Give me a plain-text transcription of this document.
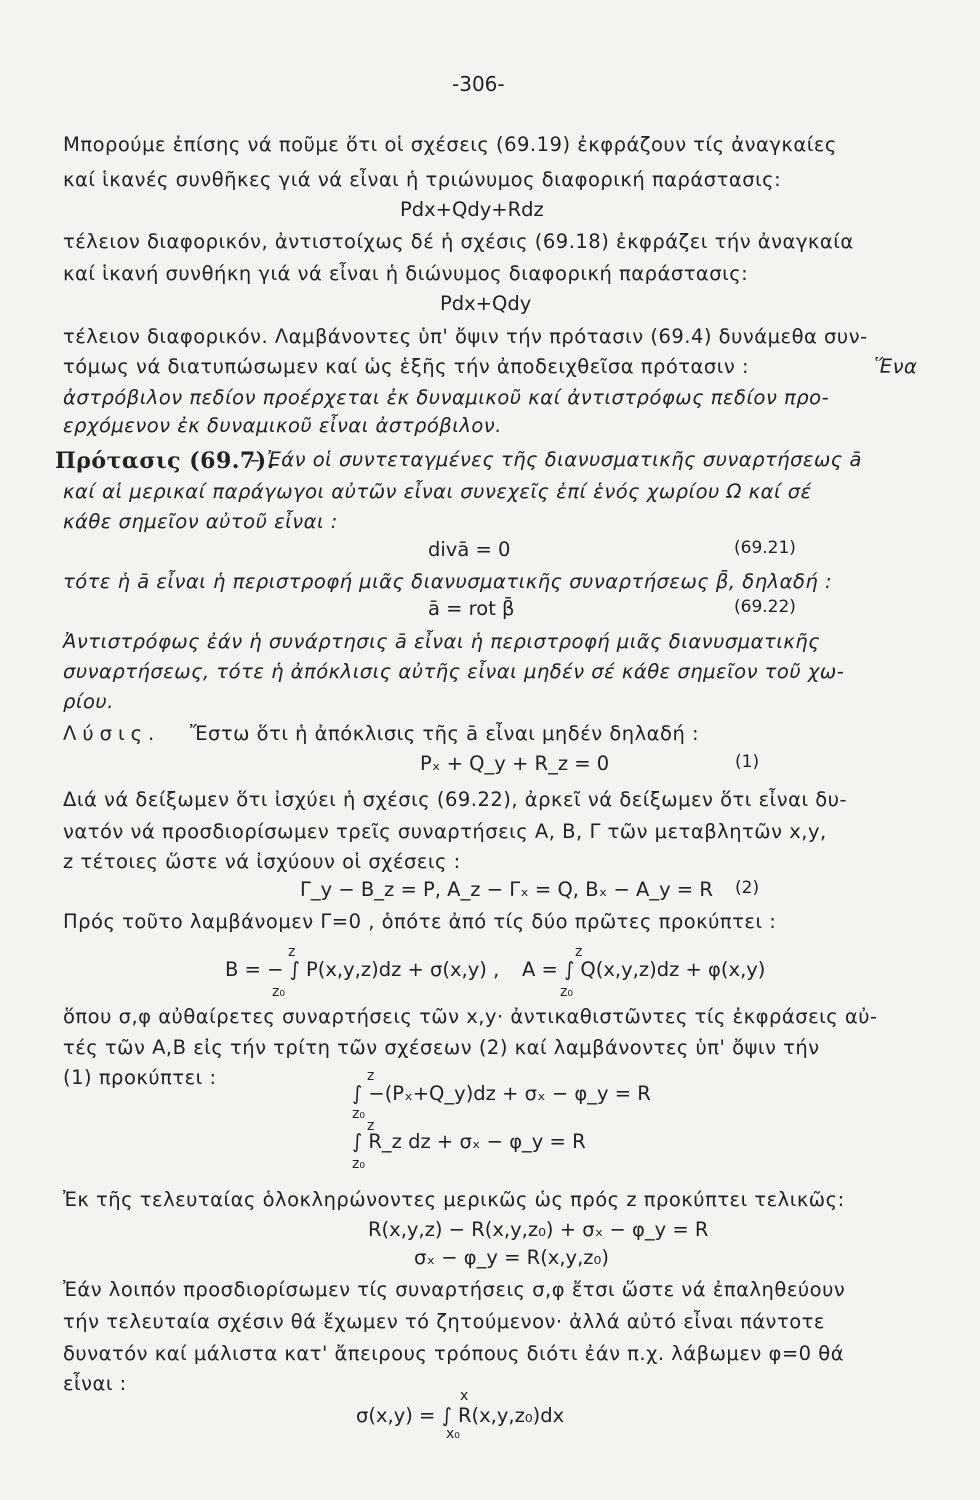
-306-
Μπορούμε ἐπίσης νά ποῦμε ὅτι οἱ σχέσεις (69.19) ἐκφράζουν τίς ἀναγκαίες
καί ἱκανές συνθῆκες γιά νά εἶναι ἡ τριώνυμος διαφορική παράστασις:
Pdx+Qdy+Rdz
τέλειον διαφορικόν, ἀντιστοίχως δέ ἡ σχέσις (69.18) ἐκφράζει τήν ἀναγκαία
καί ἱκανή συνθήκη γιά νά εἶναι ἡ διώνυμος διαφορική παράστασις:
Pdx+Qdy
τέλειον διαφορικόν. Λαμβάνοντες ὑπ' ὄψιν τήν πρότασιν (69.4) δυνάμεθα συν-
τόμως νά διατυπώσωμεν καί ὡς ἑξῆς τήν ἀποδειχθεῖσα πρότασιν :	Ἕνα
ἀστρόβιλον πεδίον προέρχεται ἐκ δυναμικοῦ καί ἀντιστρόφως πεδίον προ-
ερχόμενον ἐκ δυναμικοῦ εἶναι ἀστρόβιλον.
Πρότασις (69.7).
– Ἐάν οἱ συντεταγμένες τῆς διανυσματικῆς συναρτήσεως ā
καί αἱ μερικαί παράγωγοι αὐτῶν εἶναι συνεχεῖς ἐπί ἑνός χωρίου Ω καί σέ
κάθε σημεῖον αὐτοῦ εἶναι :
divā = 0	(69.21)
τότε ἡ ā εἶναι ἡ περιστροφή μιᾶς διανυσματικῆς συναρτήσεως β̄, δηλαδή :
ā = rot β̄	(69.22)
Ἀντιστρόφως ἐάν ἡ συνάρτησις ā εἶναι ἡ περιστροφή μιᾶς διανυσματικῆς
συναρτήσεως, τότε ἡ ἀπόκλισις αὐτῆς εἶναι μηδέν σέ κάθε σημεῖον τοῦ χω-
ρίου.
Λύσις. Ἔστω ὅτι ἡ ἀπόκλισις τῆς ā εἶναι μηδέν δηλαδή :
Pₓ + Q_y + R_z = 0	(1)
Διά νά δείξωμεν ὅτι ἰσχύει ἡ σχέσις (69.22), ἀρκεῖ νά δείξωμεν ὅτι εἶναι δυ-
νατόν νά προσδιορίσωμεν τρεῖς συναρτήσεις Α, Β, Γ τῶν μεταβλητῶν x,y,
z τέτοιες ὥστε νά ἰσχύουν οἱ σχέσεις :
Γ_y − B_z = P, A_z − Γₓ = Q, Bₓ − A_y = R (2)
Πρός τοῦτο λαμβάνομεν Γ=0 , ὁπότε ἀπό τίς δύο πρῶτες προκύπτει :
z
z₀
B = − ∫ P(x,y,z)dz + σ(x,y) ,
z
z₀
A = ∫ Q(x,y,z)dz + φ(x,y)
ὅπου σ,φ αὐθαίρετες συναρτήσεις τῶν x,y· ἀντικαθιστῶντες τίς ἐκφράσεις αὐ-
τές τῶν Α,Β εἰς τήν τρίτη τῶν σχέσεων (2) καί λαμβάνοντες ὑπ' ὄψιν τήν
(1) προκύπτει :	z
z₀
∫ −(Pₓ+Q_y)dz + σₓ − φ_y = R
z
z₀
∫ R_z dz + σₓ − φ_y = R
Ἐκ τῆς τελευταίας ὁλοκληρώνοντες μερικῶς ὡς πρός z προκύπτει τελικῶς:
R(x,y,z) − R(x,y,z₀) + σₓ − φ_y = R
σₓ − φ_y = R(x,y,z₀)
Ἐάν λοιπόν προσδιορίσωμεν τίς συναρτήσεις σ,φ ἔτσι ὥστε νά ἐπαληθεύουν
τήν τελευταία σχέσιν θά ἔχωμεν τό ζητούμενον· ἀλλά αὐτό εἶναι πάντοτε
δυνατόν καί μάλιστα κατ' ἄπειρους τρόπους διότι ἐάν π.χ. λάβωμεν φ=0 θά
εἶναι :
x
x₀
σ(x,y) = ∫ R(x,y,z₀)dx
